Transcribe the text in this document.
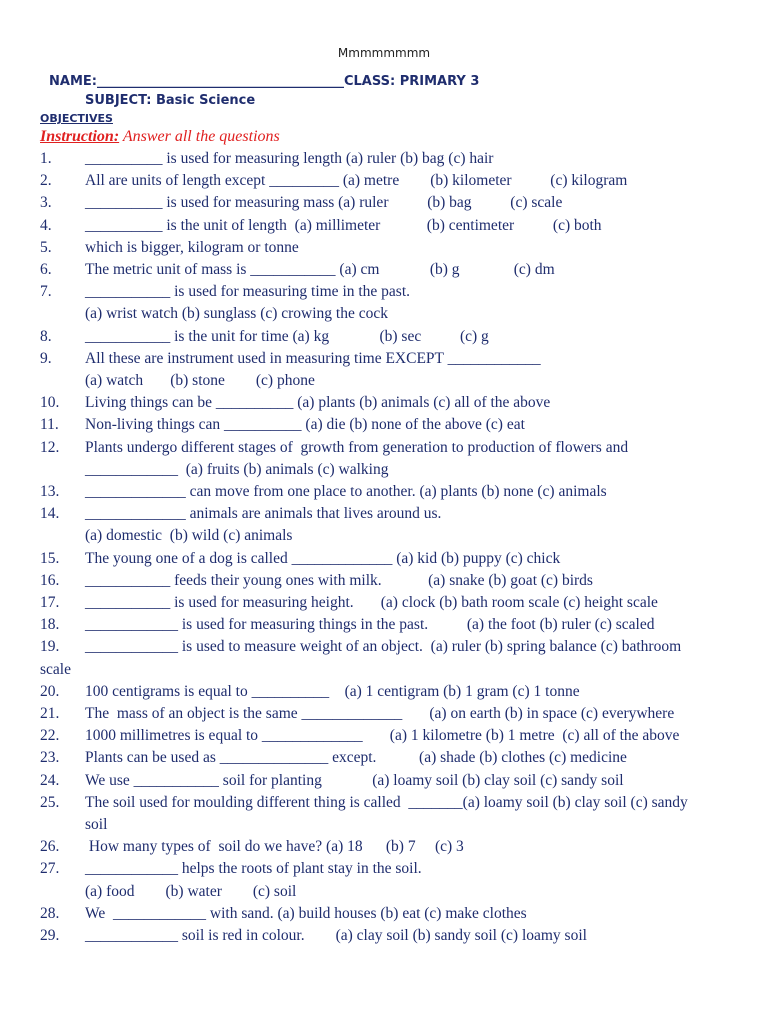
Mmmmmmmm
NAME:______________________________________CLASS: PRIMARY 3
SUBJECT: Basic Science
OBJECTIVES
Instruction: Answer all the questions
1. __________ is used for measuring length (a) ruler (b) bag (c) hair
2. All are units of length except _________ (a) metre        (b) kilometer          (c) kilogram
3. __________ is used for measuring mass (a) ruler          (b) bag          (c) scale
4. __________ is the unit of length  (a) millimeter            (b) centimeter          (c) both
5. which is bigger, kilogram or tonne
6. The metric unit of mass is ___________ (a) cm             (b) g              (c) dm
7. ___________ is used for measuring time in the past.
(a) wrist watch (b) sunglass (c) crowing the cock
8. ___________ is the unit for time (a) kg             (b) sec          (c) g
9. All these are instrument used in measuring time EXCEPT ____________
(a) watch       (b) stone        (c) phone
10. Living things can be __________ (a) plants (b) animals (c) all of the above
11. Non-living things can __________ (a) die (b) none of the above (c) eat
12. Plants undergo different stages of  growth from generation to production of flowers and
____________  (a) fruits (b) animals (c) walking
13. _____________ can move from one place to another. (a) plants (b) none (c) animals
14. _____________ animals are animals that lives around us.
(a) domestic  (b) wild (c) animals
15. The young one of a dog is called _____________ (a) kid (b) puppy (c) chick
16. ___________ feeds their young ones with milk.            (a) snake (b) goat (c) birds
17. ___________ is used for measuring height.       (a) clock (b) bath room scale (c) height scale
18. ____________ is used for measuring things in the past.          (a) the foot (b) ruler (c) scaled
19. ____________ is used to measure weight of an object.  (a) ruler (b) spring balance (c) bathroom
scale
20. 100 centigrams is equal to __________    (a) 1 centigram (b) 1 gram (c) 1 tonne
21. The  mass of an object is the same _____________       (a) on earth (b) in space (c) everywhere
22. 1000 millimetres is equal to _____________       (a) 1 kilometre (b) 1 metre  (c) all of the above
23. Plants can be used as ______________ except.           (a) shade (b) clothes (c) medicine
24. We use ___________ soil for planting             (a) loamy soil (b) clay soil (c) sandy soil
25. The soil used for moulding different thing is called  _______(a) loamy soil (b) clay soil (c) sandy
soil
26. How many types of  soil do we have? (a) 18      (b) 7     (c) 3
27. ____________ helps the roots of plant stay in the soil.
(a) food        (b) water        (c) soil
28. We  ____________ with sand. (a) build houses (b) eat (c) make clothes
29. ____________ soil is red in colour.        (a) clay soil (b) sandy soil (c) loamy soil
